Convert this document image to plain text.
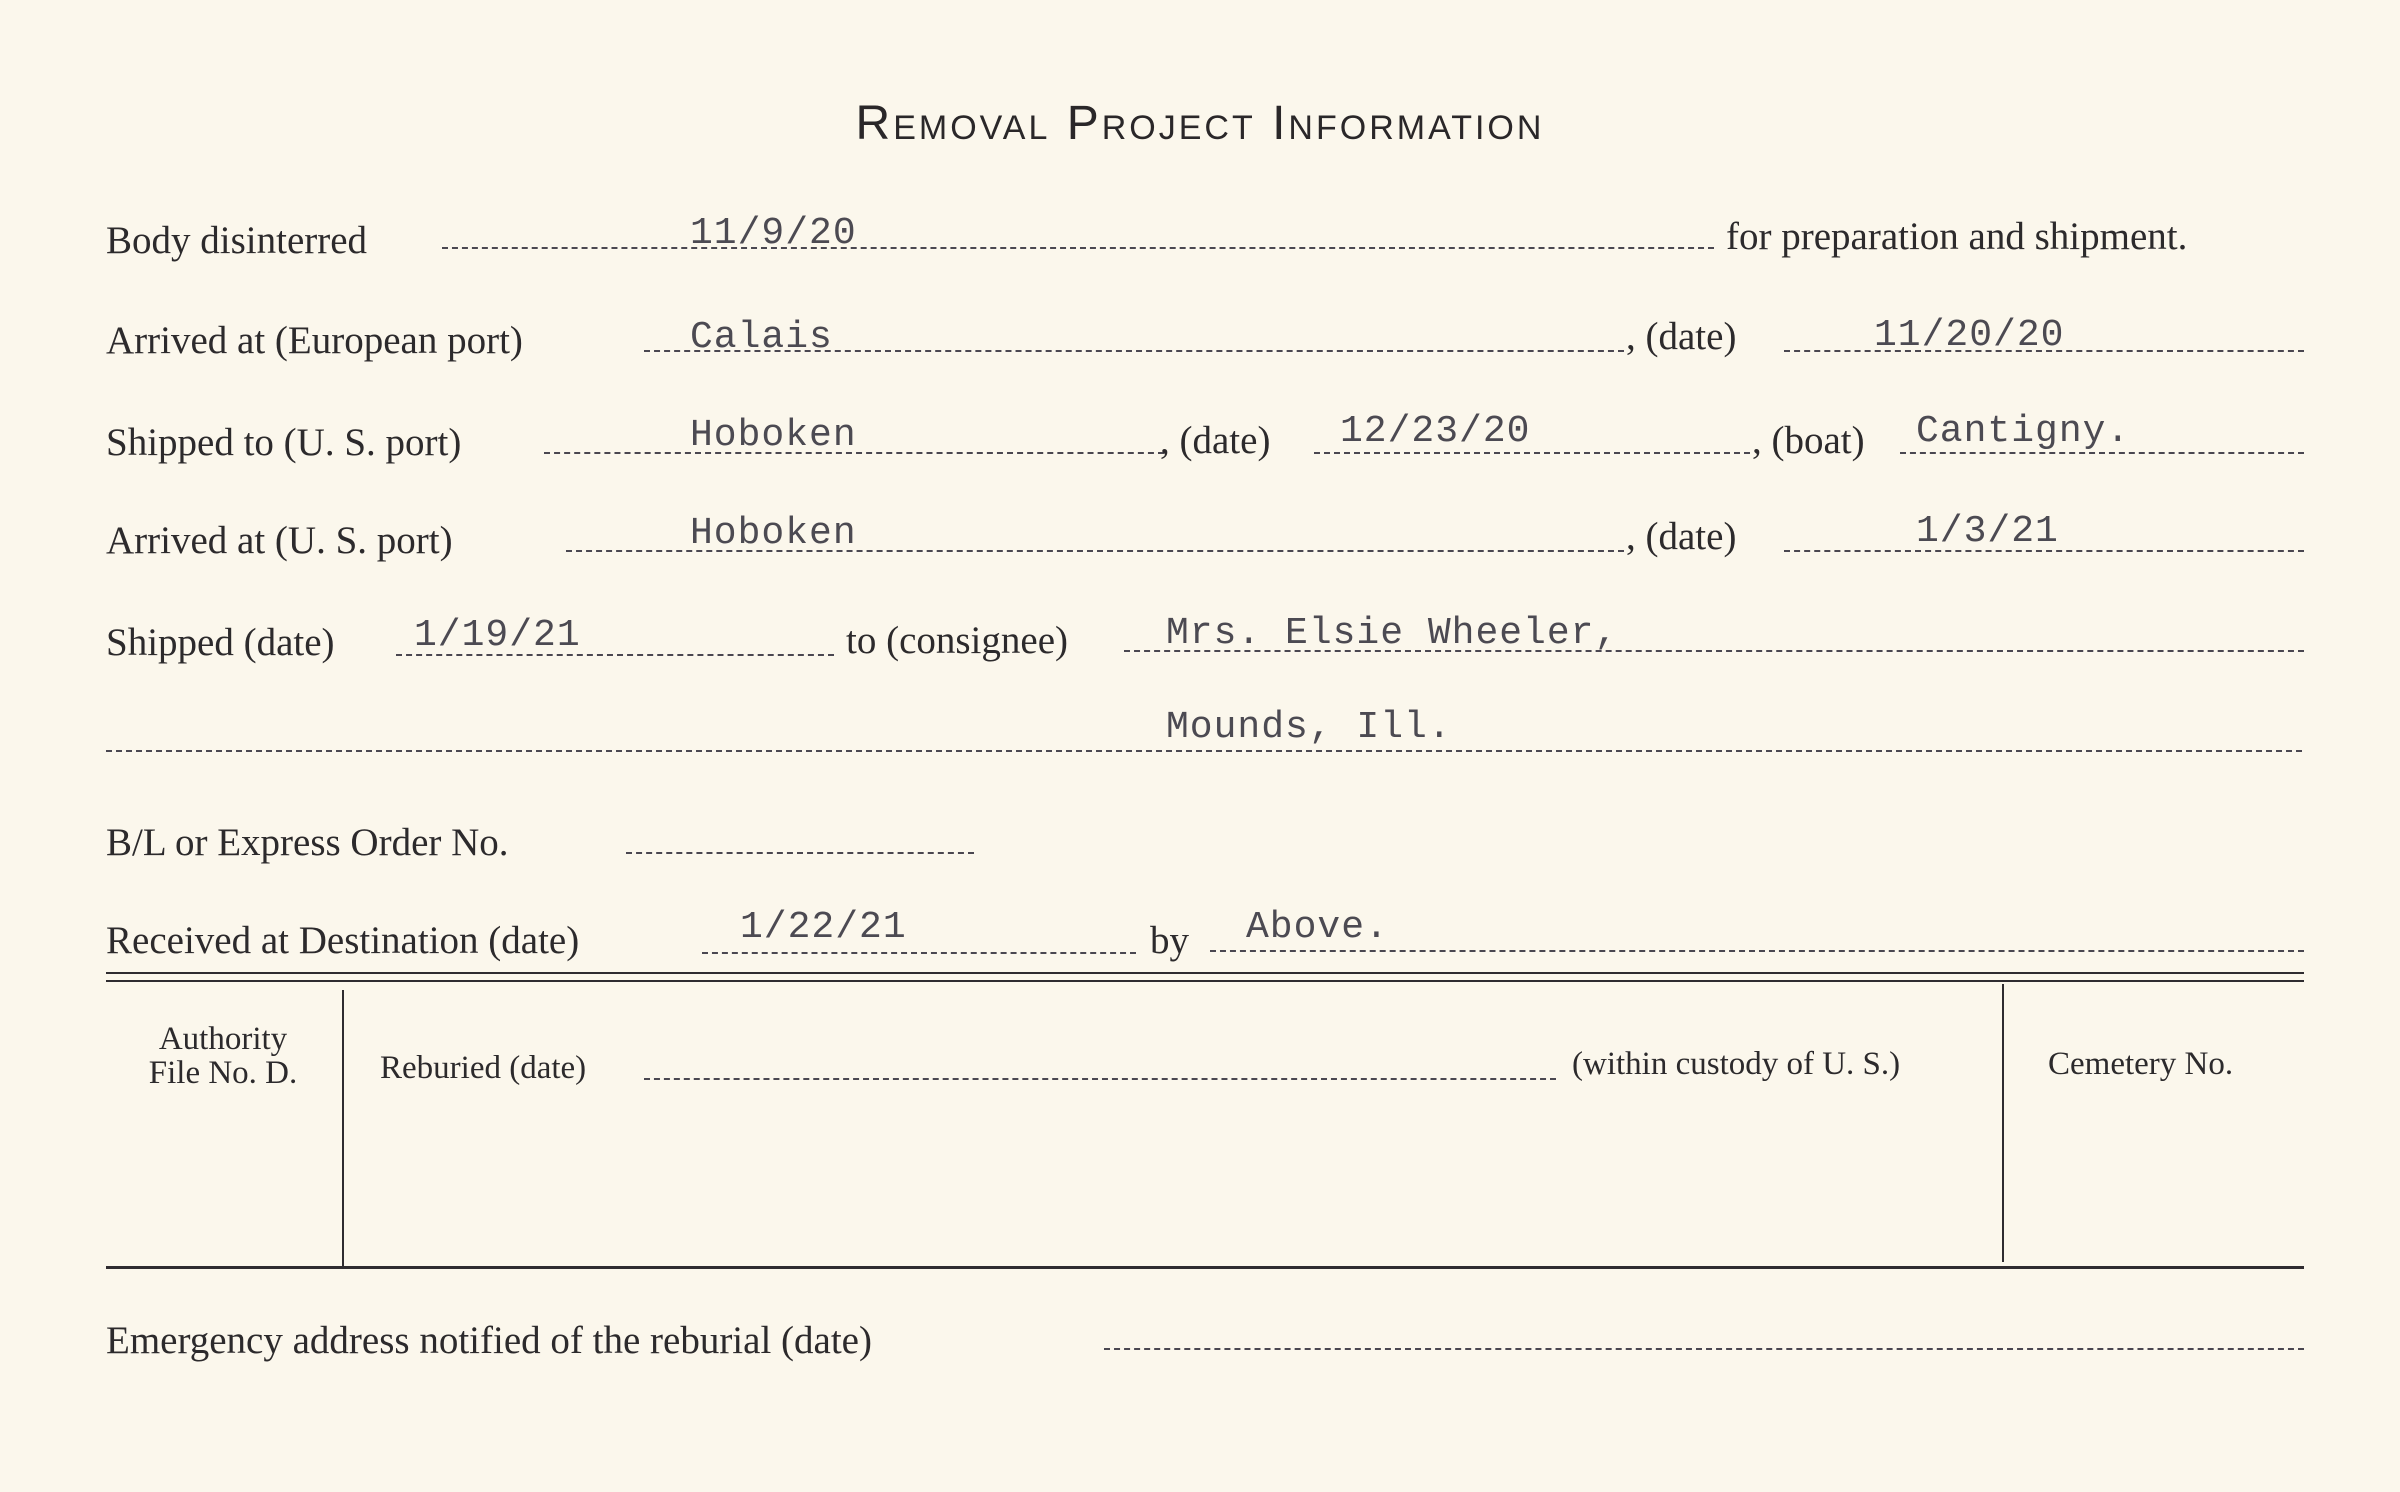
Removal Project Information
Body disinterred	11/9/20	for preparation and shipment.
Arrived at (European port)	Calais	, (date)	11/20/20
Shipped to (U. S. port)	Hoboken	, (date) 12/23/20	, (boat) Cantigny.
Arrived at (U. S. port)	Hoboken	, (date)	1/3/21
Shipped (date) 1/19/21	to (consignee)	Mrs. Elsie Wheeler,
Mounds, Ill.
B/L or Express Order No.
Received at Destination (date)	1/22/21	by Above.
Authority
File No. D.	Reburied (date)	(within custody of U. S.)	Cemetery No.
Emergency address notified of the reburial (date)
